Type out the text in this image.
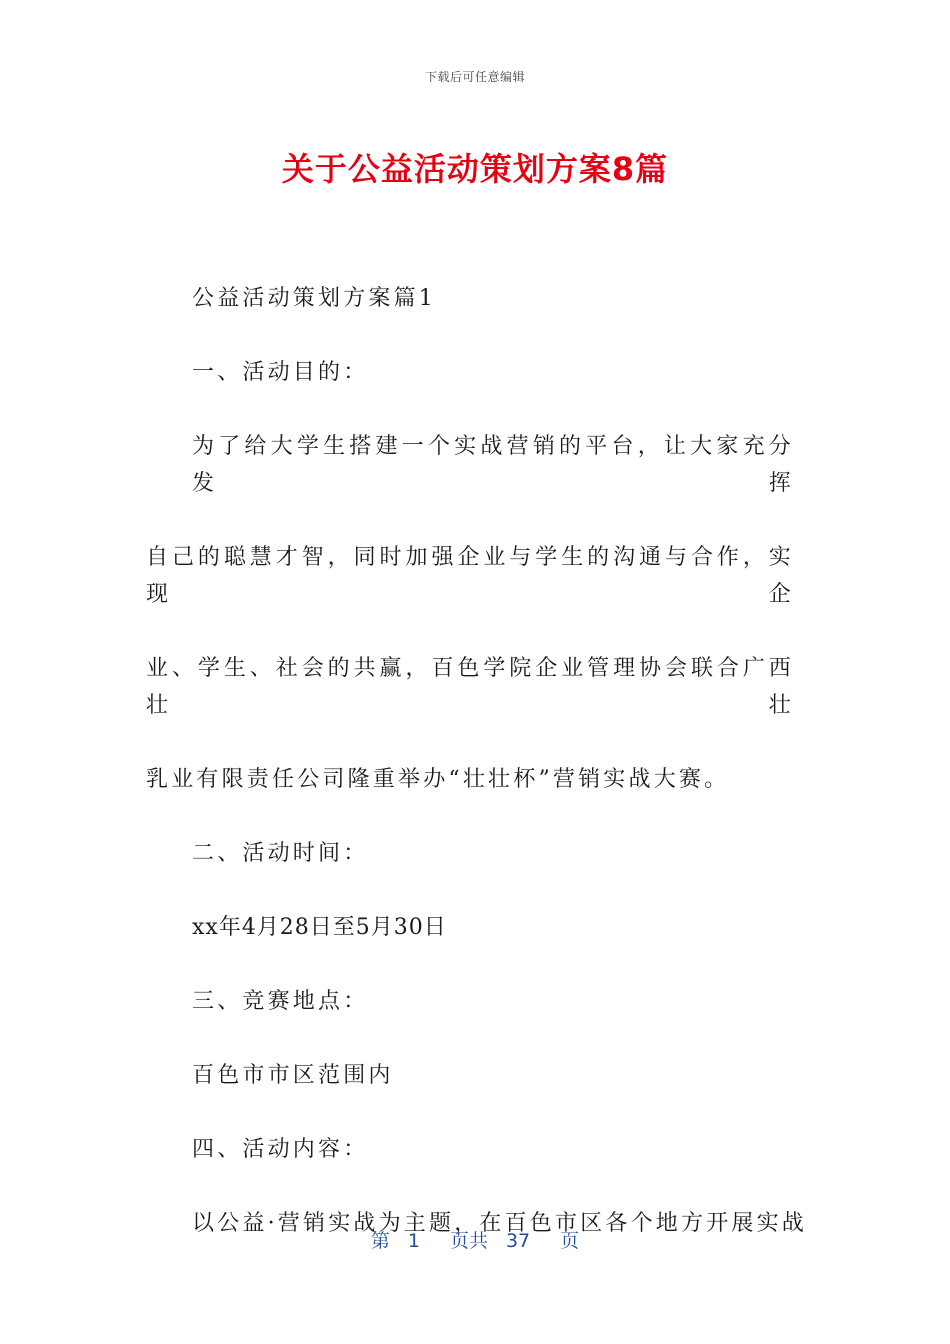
下载后可任意编辑
关于公益活动策划方案8篇

公益活动策划方案篇1

一、活动目的：

为了给大学生搭建一个实战营销的平台，让大家充分发挥
自己的聪慧才智，同时加强企业与学生的沟通与合作，实现企
业、学生、社会的共赢，百色学院企业管理协会联合广西壮壮
乳业有限责任公司隆重举办“壮壮杯”营销实战大赛。

二、活动时间：

xx年4月28日至5月30日

三、竞赛地点：

百色市市区范围内

四、活动内容：

以公益·营销实战为主题，在百色市区各个地方开展实战

第 1 页共 37 页
